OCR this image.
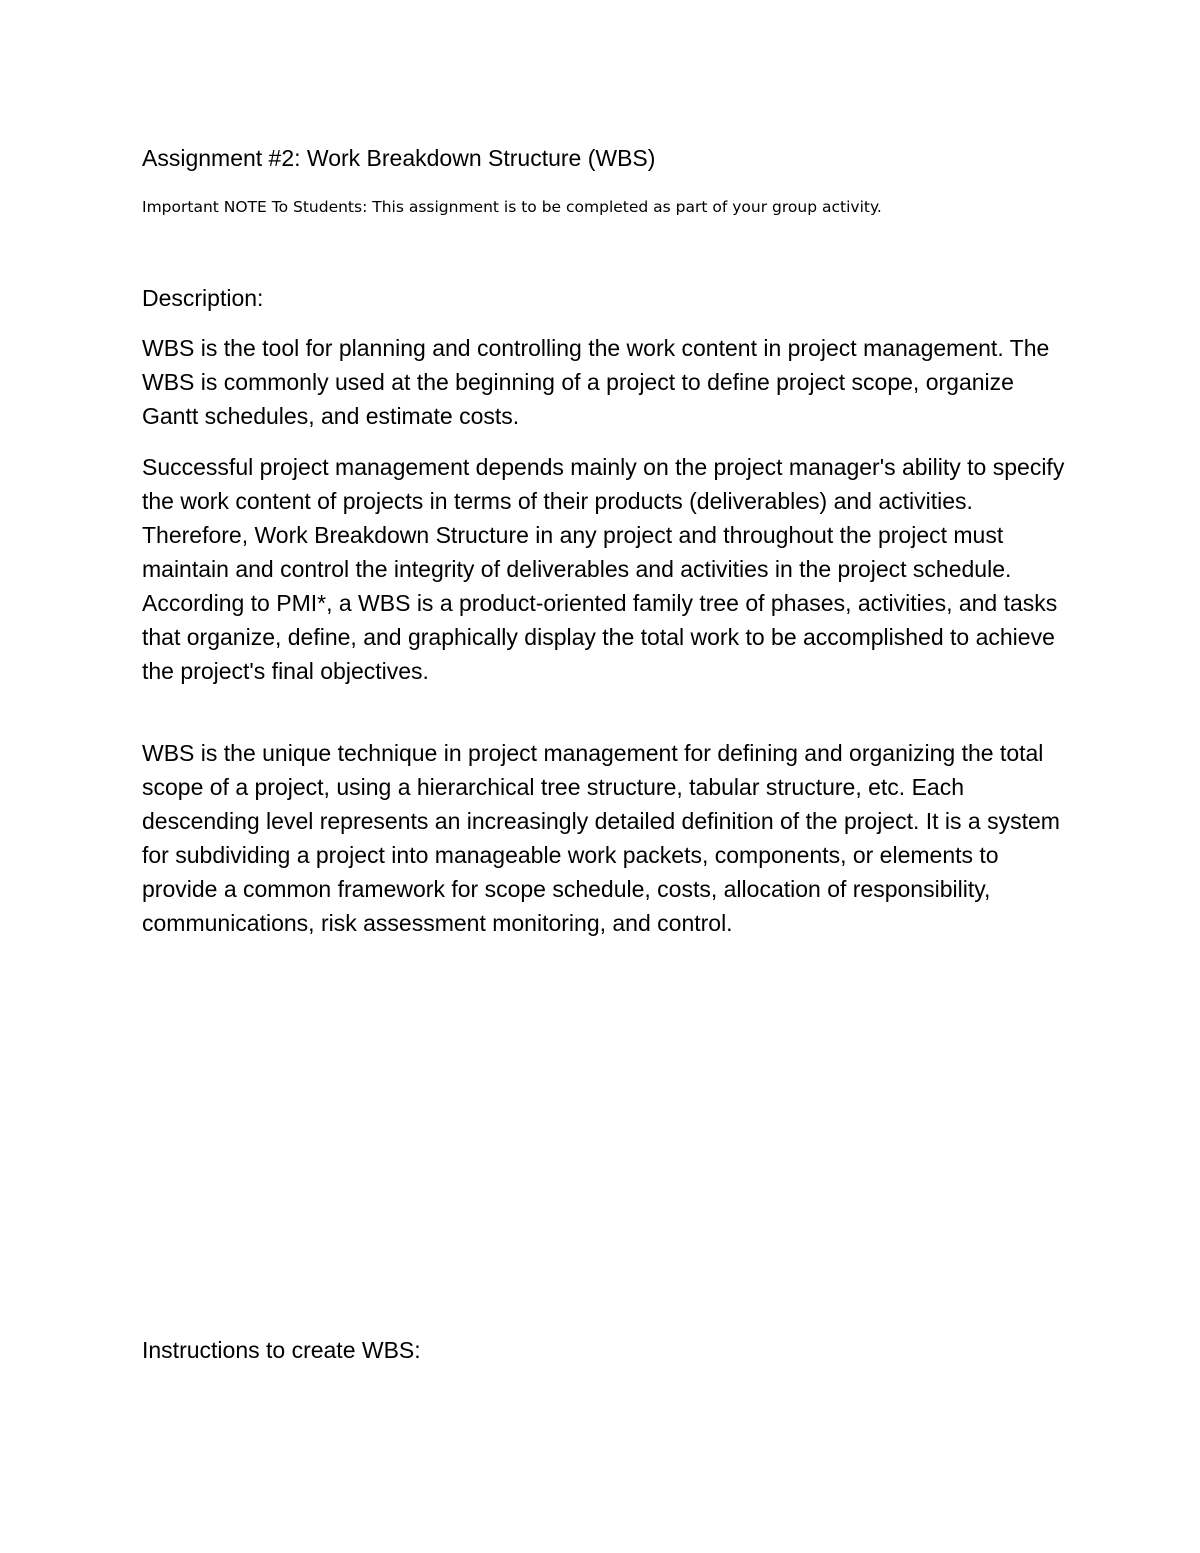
Assignment #2: Work Breakdown Structure (WBS)
Important NOTE To Students: This assignment is to be completed as part of your group activity.
Description:

WBS is the tool for planning and controlling the work content in project management. The WBS is commonly used at the beginning of a project to define project scope, organize Gantt schedules, and estimate costs.

Successful project management depends mainly on the project manager's ability to specify the work content of projects in terms of their products (deliverables) and activities. Therefore, Work Breakdown Structure in any project and throughout the project must maintain and control the integrity of deliverables and activities in the project schedule. According to PMI*, a WBS is a product-oriented family tree of phases, activities, and tasks that organize, define, and graphically display the total work to be accomplished to achieve the project's final objectives.

WBS is the unique technique in project management for defining and organizing the total scope of a project, using a hierarchical tree structure, tabular structure, etc. Each descending level represents an increasingly detailed definition of the project. It is a system for subdividing a project into manageable work packets, components, or elements to provide a common framework for scope schedule, costs, allocation of responsibility, communications, risk assessment monitoring, and control.

Instructions to create WBS:
